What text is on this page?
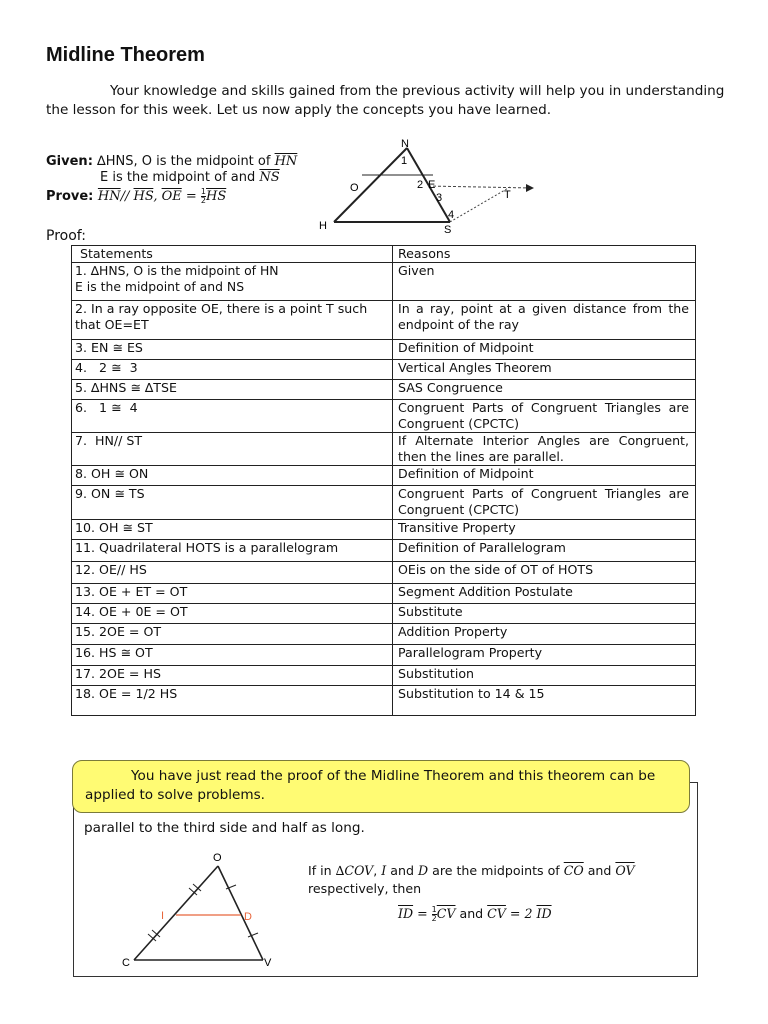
Midline Theorem
Your knowledge and skills gained from the previous activity will help you in understanding the lesson for this week. Let us now apply the concepts you have learned.
Given: ∆HNS, O is the midpoint of $\overline{HN}$
E is the midpoint of and $\overline{NS}$
Prove: $\overline{HN}//$ $\overline{HS}$, $\overline{OE} = \frac{1}{2} \overline{HS}$
N
1
O	2 E
3
4
T
H	S
Proof:
Statements	Reasons

1. ∆HNS, O is the midpoint of HN
E is the midpoint of and NS	Given
2. In a ray opposite OE, there is a point T such that OE=ET	In a ray, point at a given distance from the endpoint of the ray
3. EN ≅ ES	Definition of Midpoint
4.   2 ≅  3	Vertical Angles Theorem
5. ∆HNS ≅ ∆TSE	SAS Congruence
6.   1 ≅  4	Congruent Parts of Congruent Triangles are Congruent (CPCTC)
7.  HN// ST	If Alternate Interior Angles are Congruent, then the lines are parallel.
8. OH ≅ ON	Definition of Midpoint
9. ON ≅ TS	Congruent Parts of Congruent Triangles are Congruent (CPCTC)
10. OH ≅ ST	Transitive Property
11. Quadrilateral HOTS is a parallelogram	Definition of Parallelogram
12. OE// HS	OEis on the side of OT of HOTS
13. OE + ET = OT	Segment Addition Postulate
14. OE + 0E = OT	Substitute
15. 2OE = OT	Addition Property
16. HS ≅ OT	Parallelogram Property
17. 2OE = HS	Substitution
18. OE = 1/2 HS	Substitution to 14 & 15
parallel to the third side and half as long.
You have just read the proof of the Midline Theorem and this theorem can be applied to solve problems.
O
I	D
C	V
If in ∆COV, I and D are the midpoints of $\overline{CO}$ and $\overline{OV}$
respectively, then
$\overline{ID} = \frac{1}{2} \overline{CV}$ and $\overline{CV} = 2$ $\overline{ID}$
